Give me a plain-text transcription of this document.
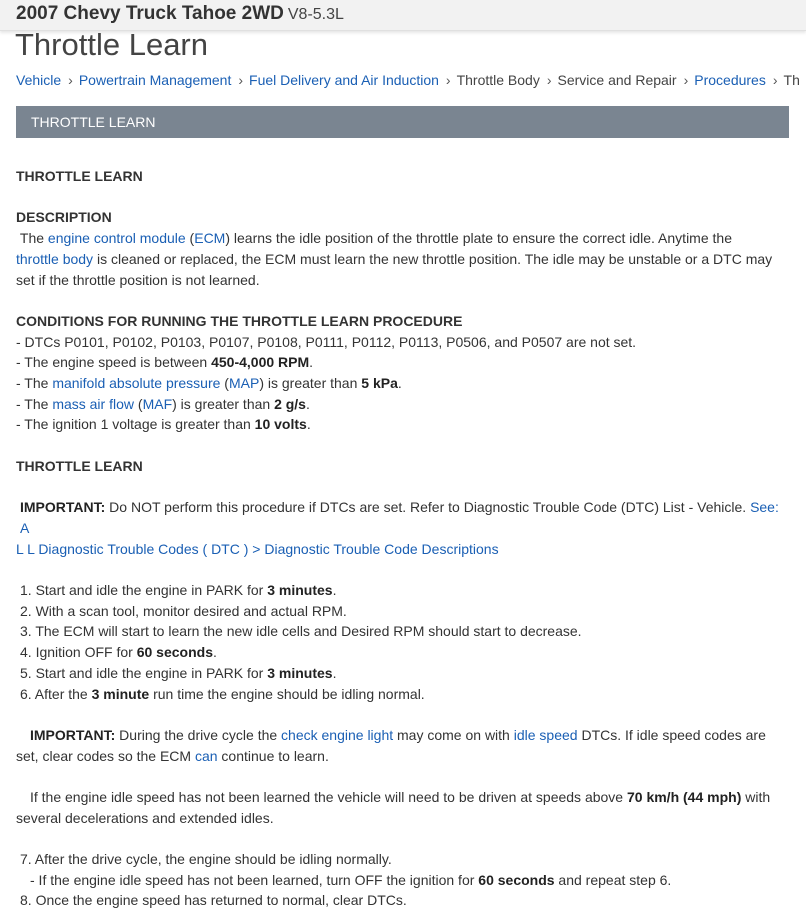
2007 Chevy Truck Tahoe 2WD V8-5.3L
Throttle Learn
Vehicle › Powertrain Management › Fuel Delivery and Air Induction › Throttle Body › Service and Repair › Procedures › Th
THROTTLE LEARN

THROTTLE LEARN

DESCRIPTION

The engine control module (ECM) learns the idle position of the throttle plate to ensure the correct idle. Anytime the

throttle body is cleaned or replaced, the ECM must learn the new throttle position. The idle may be unstable or a DTC may

set if the throttle position is not learned.

CONDITIONS FOR RUNNING THE THROTTLE LEARN PROCEDURE

- DTCs P0101, P0102, P0103, P0107, P0108, P0111, P0112, P0113, P0506, and P0507 are not set.

- The engine speed is between 450-4,000 RPM.

- The manifold absolute pressure (MAP) is greater than 5 kPa.

- The mass air flow (MAF) is greater than 2 g/s.

- The ignition 1 voltage is greater than 10 volts.

THROTTLE LEARN

IMPORTANT: Do NOT perform this procedure if DTCs are set. Refer to Diagnostic Trouble Code (DTC) List - Vehicle. See: A

L L Diagnostic Trouble Codes ( DTC ) > Diagnostic Trouble Code Descriptions

1. Start and idle the engine in PARK for 3 minutes.

2. With a scan tool, monitor desired and actual RPM.

3. The ECM will start to learn the new idle cells and Desired RPM should start to decrease.

4. Ignition OFF for 60 seconds.

5. Start and idle the engine in PARK for 3 minutes.

6. After the 3 minute run time the engine should be idling normal.

IMPORTANT: During the drive cycle the check engine light may come on with idle speed DTCs. If idle speed codes are

set, clear codes so the ECM can continue to learn.

If the engine idle speed has not been learned the vehicle will need to be driven at speeds above 70 km/h (44 mph) with

several decelerations and extended idles.

7. After the drive cycle, the engine should be idling normally.

- If the engine idle speed has not been learned, turn OFF the ignition for 60 seconds and repeat step 6.

8. Once the engine speed has returned to normal, clear DTCs.
